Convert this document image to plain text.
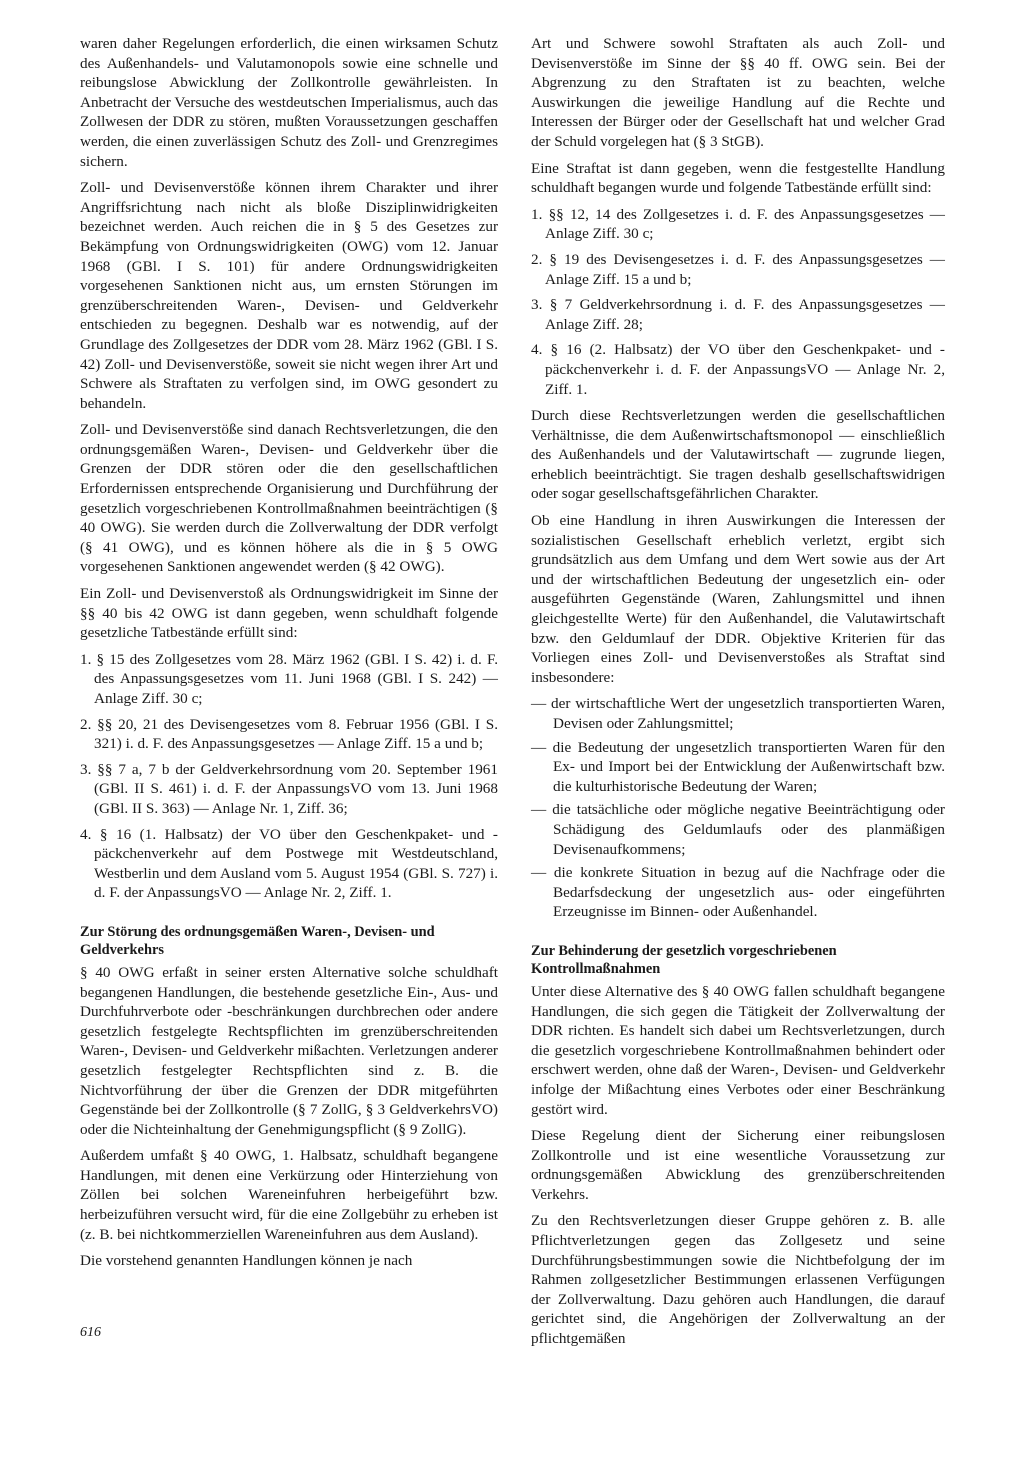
waren daher Regelungen erforderlich, die einen wirksamen Schutz des Außenhandels- und Valutamonopols sowie eine schnelle und reibungslose Abwicklung der Zollkontrolle gewährleisten. In Anbetracht der Versuche des westdeutschen Imperialismus, auch das Zollwesen der DDR zu stören, mußten Voraussetzungen geschaffen werden, die einen zuverlässigen Schutz des Zoll- und Grenzregimes sichern.

Zoll- und Devisenverstöße können ihrem Charakter und ihrer Angriffsrichtung nach nicht als bloße Disziplinwidrigkeiten bezeichnet werden. Auch reichen die in § 5 des Gesetzes zur Bekämpfung von Ordnungswidrigkeiten (OWG) vom 12. Januar 1968 (GBl. I S. 101) für andere Ordnungswidrigkeiten vorgesehenen Sanktionen nicht aus, um ernsten Störungen im grenzüberschreitenden Waren-, Devisen- und Geldverkehr entschieden zu begegnen. Deshalb war es notwendig, auf der Grundlage des Zollgesetzes der DDR vom 28. März 1962 (GBl. I S. 42) Zoll- und Devisenverstöße, soweit sie nicht wegen ihrer Art und Schwere als Straftaten zu verfolgen sind, im OWG gesondert zu behandeln.

Zoll- und Devisenverstöße sind danach Rechtsverletzungen, die den ordnungsgemäßen Waren-, Devisen- und Geldverkehr über die Grenzen der DDR stören oder die den gesellschaftlichen Erfordernissen entsprechende Organisierung und Durchführung der gesetzlich vorgeschriebenen Kontrollmaßnahmen beeinträchtigen (§ 40 OWG). Sie werden durch die Zollverwaltung der DDR verfolgt (§ 41 OWG), und es können höhere als die in § 5 OWG vorgesehenen Sanktionen angewendet werden (§ 42 OWG).

Ein Zoll- und Devisenverstoß als Ordnungswidrigkeit im Sinne der §§ 40 bis 42 OWG ist dann gegeben, wenn schuldhaft folgende gesetzliche Tatbestände erfüllt sind:

1. § 15 des Zollgesetzes vom 28. März 1962 (GBl. I S. 42) i. d. F. des Anpassungsgesetzes vom 11. Juni 1968 (GBl. I S. 242) — Anlage Ziff. 30 c;
2. §§ 20, 21 des Devisengesetzes vom 8. Februar 1956 (GBl. I S. 321) i. d. F. des Anpassungsgesetzes — Anlage Ziff. 15 a und b;
3. §§ 7 a, 7 b der Geldverkehrsordnung vom 20. September 1961 (GBl. II S. 461) i. d. F. der AnpassungsVO vom 13. Juni 1968 (GBl. II S. 363) — Anlage Nr. 1, Ziff. 36;
4. § 16 (1. Halbsatz) der VO über den Geschenkpaket- und -päckchenverkehr auf dem Postwege mit Westdeutschland, Westberlin und dem Ausland vom 5. August 1954 (GBl. S. 727) i. d. F. der AnpassungsVO — Anlage Nr. 2, Ziff. 1.
Zur Störung des ordnungsgemäßen Waren-, Devisen- und Geldverkehrs

§ 40 OWG erfaßt in seiner ersten Alternative solche schuldhaft begangenen Handlungen, die bestehende gesetzliche Ein-, Aus- und Durchfuhrverbote oder -beschränkungen durchbrechen oder andere gesetzlich festgelegte Rechtspflichten im grenzüberschreitenden Waren-, Devisen- und Geldverkehr mißachten. Verletzungen anderer gesetzlich festgelegter Rechtspflichten sind z. B. die Nichtvorführung der über die Grenzen der DDR mitgeführten Gegenstände bei der Zollkontrolle (§ 7 ZollG, § 3 GeldverkehrsVO) oder die Nichteinhaltung der Genehmigungspflicht (§ 9 ZollG).

Außerdem umfaßt § 40 OWG, 1. Halbsatz, schuldhaft begangene Handlungen, mit denen eine Verkürzung oder Hinterziehung von Zöllen bei solchen Wareneinfuhren herbeigeführt bzw. herbeizuführen versucht wird, für die eine Zollgebühr zu erheben ist (z. B. bei nichtkommerziellen Wareneinfuhren aus dem Ausland).

Die vorstehend genannten Handlungen können je nach

Art und Schwere sowohl Straftaten als auch Zoll- und Devisenverstöße im Sinne der §§ 40 ff. OWG sein. Bei der Abgrenzung zu den Straftaten ist zu beachten, welche Auswirkungen die jeweilige Handlung auf die Rechte und Interessen der Bürger oder der Gesellschaft hat und welcher Grad der Schuld vorgelegen hat (§ 3 StGB).

Eine Straftat ist dann gegeben, wenn die festgestellte Handlung schuldhaft begangen wurde und folgende Tatbestände erfüllt sind:

1. §§ 12, 14 des Zollgesetzes i. d. F. des Anpassungsgesetzes — Anlage Ziff. 30 c;
2. § 19 des Devisengesetzes i. d. F. des Anpassungsgesetzes — Anlage Ziff. 15 a und b;
3. § 7 Geldverkehrsordnung i. d. F. des Anpassungsgesetzes — Anlage Ziff. 28;
4. § 16 (2. Halbsatz) der VO über den Geschenkpaket- und -päckchenverkehr i. d. F. der AnpassungsVO — Anlage Nr. 2, Ziff. 1.

Durch diese Rechtsverletzungen werden die gesellschaftlichen Verhältnisse, die dem Außenwirtschaftsmonopol — einschließlich des Außenhandels und der Valutawirtschaft — zugrunde liegen, erheblich beeinträchtigt. Sie tragen deshalb gesellschaftswidrigen oder sogar gesellschaftsgefährlichen Charakter.

Ob eine Handlung in ihren Auswirkungen die Interessen der sozialistischen Gesellschaft erheblich verletzt, ergibt sich grundsätzlich aus dem Umfang und dem Wert sowie aus der Art und der wirtschaftlichen Bedeutung der ungesetzlich ein- oder ausgeführten Gegenstände (Waren, Zahlungsmittel und ihnen gleichgestellte Werte) für den Außenhandel, die Valutawirtschaft bzw. den Geldumlauf der DDR. Objektive Kriterien für das Vorliegen eines Zoll- und Devisenverstoßes als Straftat sind insbesondere:

— der wirtschaftliche Wert der ungesetzlich transportierten Waren, Devisen oder Zahlungsmittel;
— die Bedeutung der ungesetzlich transportierten Waren für den Ex- und Import bei der Entwicklung der Außenwirtschaft bzw. die kulturhistorische Bedeutung der Waren;
— die tatsächliche oder mögliche negative Beeinträchtigung oder Schädigung des Geldumlaufs oder des planmäßigen Devisenaufkommens;
— die konkrete Situation in bezug auf die Nachfrage oder die Bedarfsdeckung der ungesetzlich aus- oder eingeführten Erzeugnisse im Binnen- oder Außenhandel.
Zur Behinderung der gesetzlich vorgeschriebenen Kontrollmaßnahmen

Unter diese Alternative des § 40 OWG fallen schuldhaft begangene Handlungen, die sich gegen die Tätigkeit der Zollverwaltung der DDR richten. Es handelt sich dabei um Rechtsverletzungen, durch die gesetzlich vorgeschriebene Kontrollmaßnahmen behindert oder erschwert werden, ohne daß der Waren-, Devisen- und Geldverkehr infolge der Mißachtung eines Verbotes oder einer Beschränkung gestört wird.

Diese Regelung dient der Sicherung einer reibungslosen Zollkontrolle und ist eine wesentliche Voraussetzung zur ordnungsgemäßen Abwicklung des grenzüberschreitenden Verkehrs.

Zu den Rechtsverletzungen dieser Gruppe gehören z. B. alle Pflichtverletzungen gegen das Zollgesetz und seine Durchführungsbestimmungen sowie die Nichtbefolgung der im Rahmen zollgesetzlicher Bestimmungen erlassenen Verfügungen der Zollverwaltung. Dazu gehören auch Handlungen, die darauf gerichtet sind, die Angehörigen der Zollverwaltung an der pflichtgemäßen

616
